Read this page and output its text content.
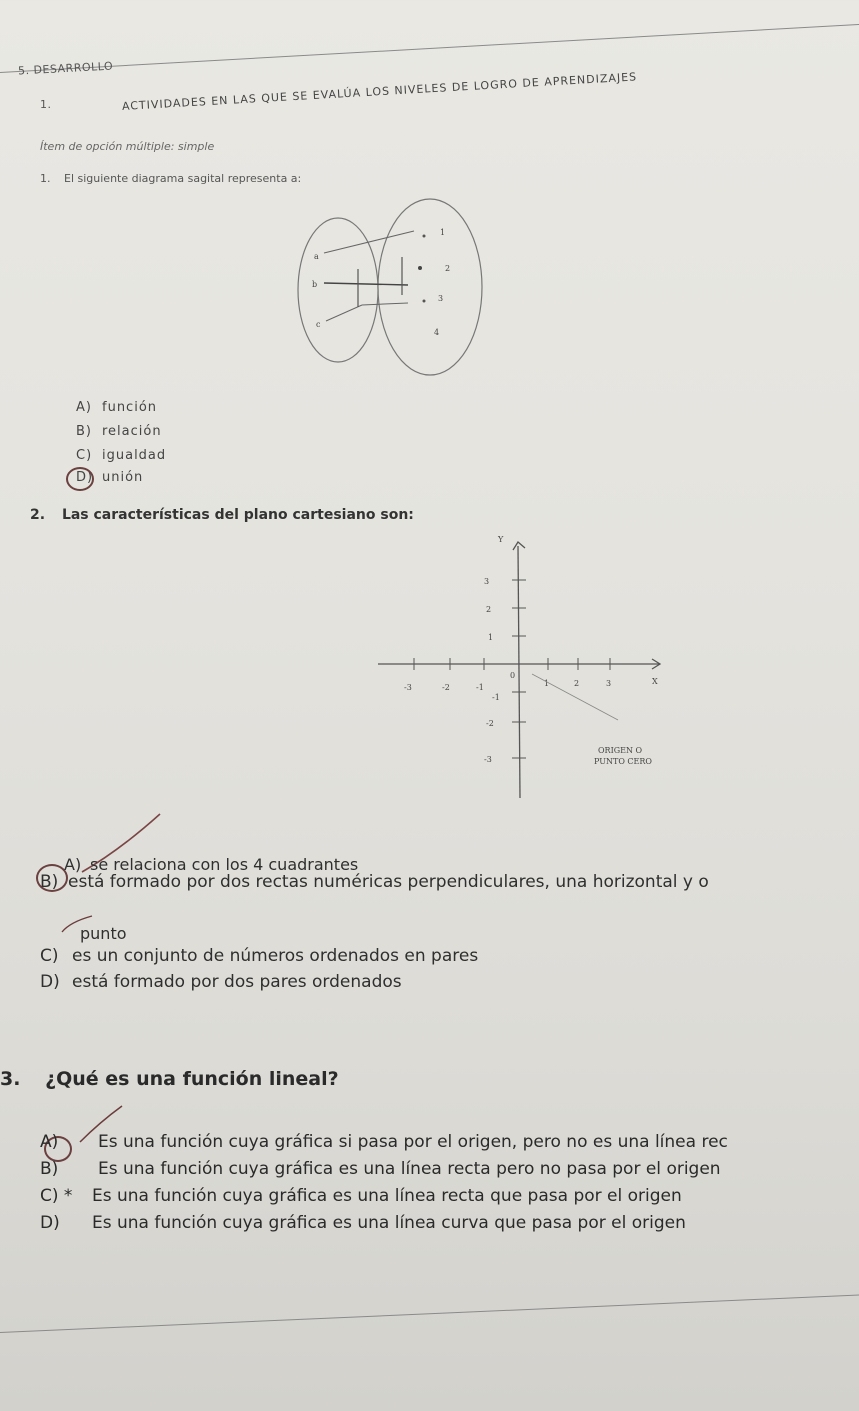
5. DESARROLLO
1.	ACTIVIDADES EN LAS QUE SE EVALÚA LOS NIVELES DE LOGRO DE APRENDIZAJES
Ítem de opción múltiple: simple
1. El siguiente diagrama sagital representa a:
a
b
c
1
2
3
4
A) función
B) relación
C) igualdad
D) unión
2. Las características del plano cartesiano son:
Y
X
-3	-2	-1
0
1	2	3
3
2
1
-1
-2
-3
ORIGEN O
PUNTO CERO
A) se relaciona con los 4 cuadrantes
B) está formado por dos rectas numéricas perpendiculares, una horizontal y o
punto
C) es un conjunto de números ordenados en pares
D) está formado por dos pares ordenados
3. ¿Qué es una función lineal?
A) Es una función cuya gráfica si pasa por el origen, pero no es una línea rec
B) Es una función cuya gráfica es una línea recta pero no pasa por el origen
C) * Es una función cuya gráfica es una línea recta que pasa por el origen
D) Es una función cuya gráfica es una línea curva que pasa por el origen
